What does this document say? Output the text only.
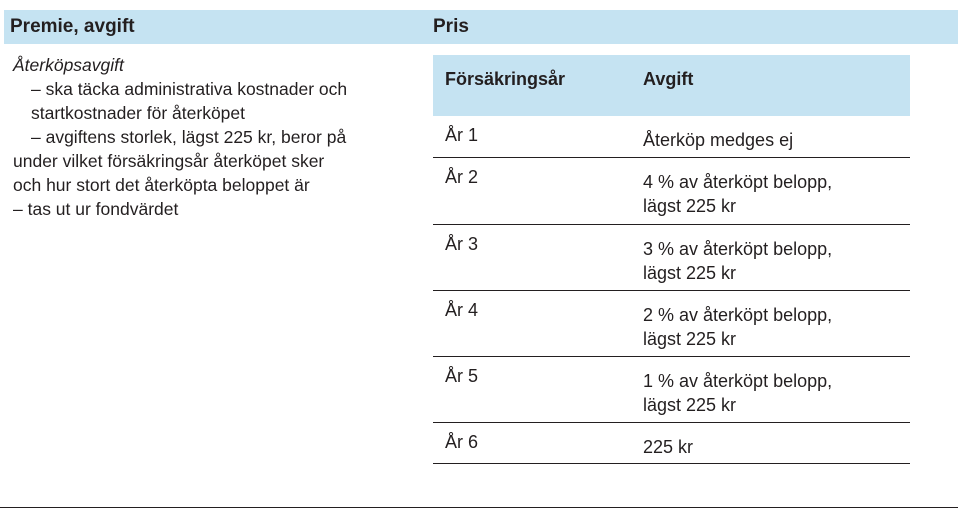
Premie, avgift	Pris
Återköpsavgift
– ska täcka administrativa kostnader och
startkostnader för återköpet
– avgiftens storlek, lägst 225 kr, beror på
under vilket försäkringsår återköpet sker
och hur stort det återköpta beloppet är
– tas ut ur fondvärdet
Försäkringsår	Avgift
År 1	Återköp medges ej
År 2	4 % av återköpt belopp,
lägst 225 kr
År 3	3 % av återköpt belopp,
lägst 225 kr
År 4	2 % av återköpt belopp,
lägst 225 kr
År 5	1 % av återköpt belopp,
lägst 225 kr
År 6	225 kr
